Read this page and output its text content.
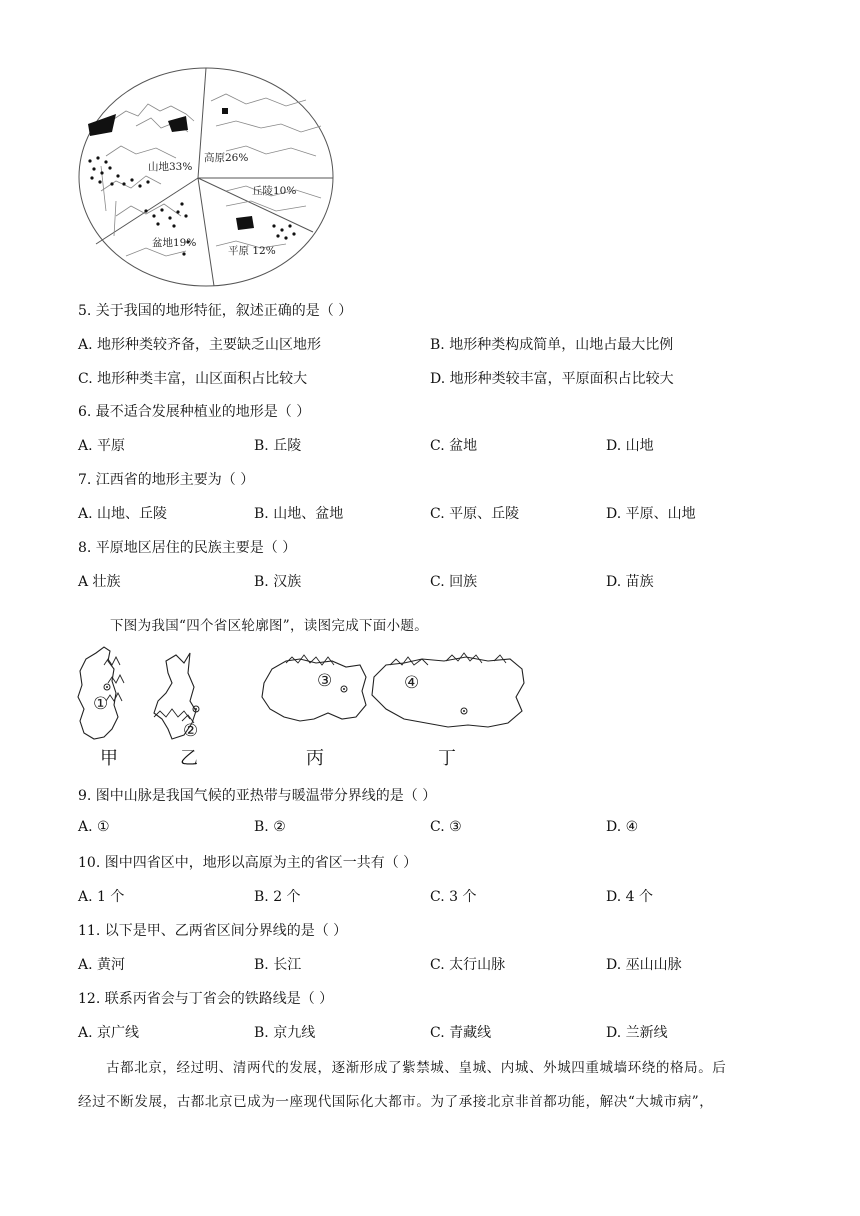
山地33%
高原26%
丘陵10%
盆地19%
平原 12%
5. 关于我国的地形特征，叙述正确的是（ ）
A. 地形种类较齐备，主要缺乏山区地形	B. 地形种类构成简单，山地占最大比例
C. 地形种类丰富，山区面积占比较大	D. 地形种类较丰富，平原面积占比较大
6. 最不适合发展种植业的地形是（ ）
A. 平原	B. 丘陵	C. 盆地	D. 山地
7. 江西省的地形主要为（ ）
A. 山地、丘陵	B. 山地、盆地	C. 平原、丘陵	D. 平原、山地
8. 平原地区居住的民族主要是（ ）
A 壮族	B. 汉族	C. 回族	D. 苗族
下图为我国“四个省区轮廓图”，读图完成下面小题。
①
②
③	④
甲	乙	丙	丁
9. 图中山脉是我国气候的亚热带与暖温带分界线的是（ ）
A. ①	B. ②	C. ③	D. ④
10. 图中四省区中，地形以高原为主的省区一共有（ ）
A. 1 个	B. 2 个	C. 3 个	D. 4 个
11. 以下是甲、乙两省区间分界线的是（ ）
A. 黄河	B. 长江	C. 太行山脉	D. 巫山山脉
12. 联系丙省会与丁省会的铁路线是（ ）
A. 京广线	B. 京九线	C. 青藏线	D. 兰新线
古都北京，经过明、清两代的发展，逐渐形成了紫禁城、皇城、内城、外城四重城墙环绕的格局。后
经过不断发展，古都北京已成为一座现代国际化大都市。为了承接北京非首都功能，解决“大城市病”，
